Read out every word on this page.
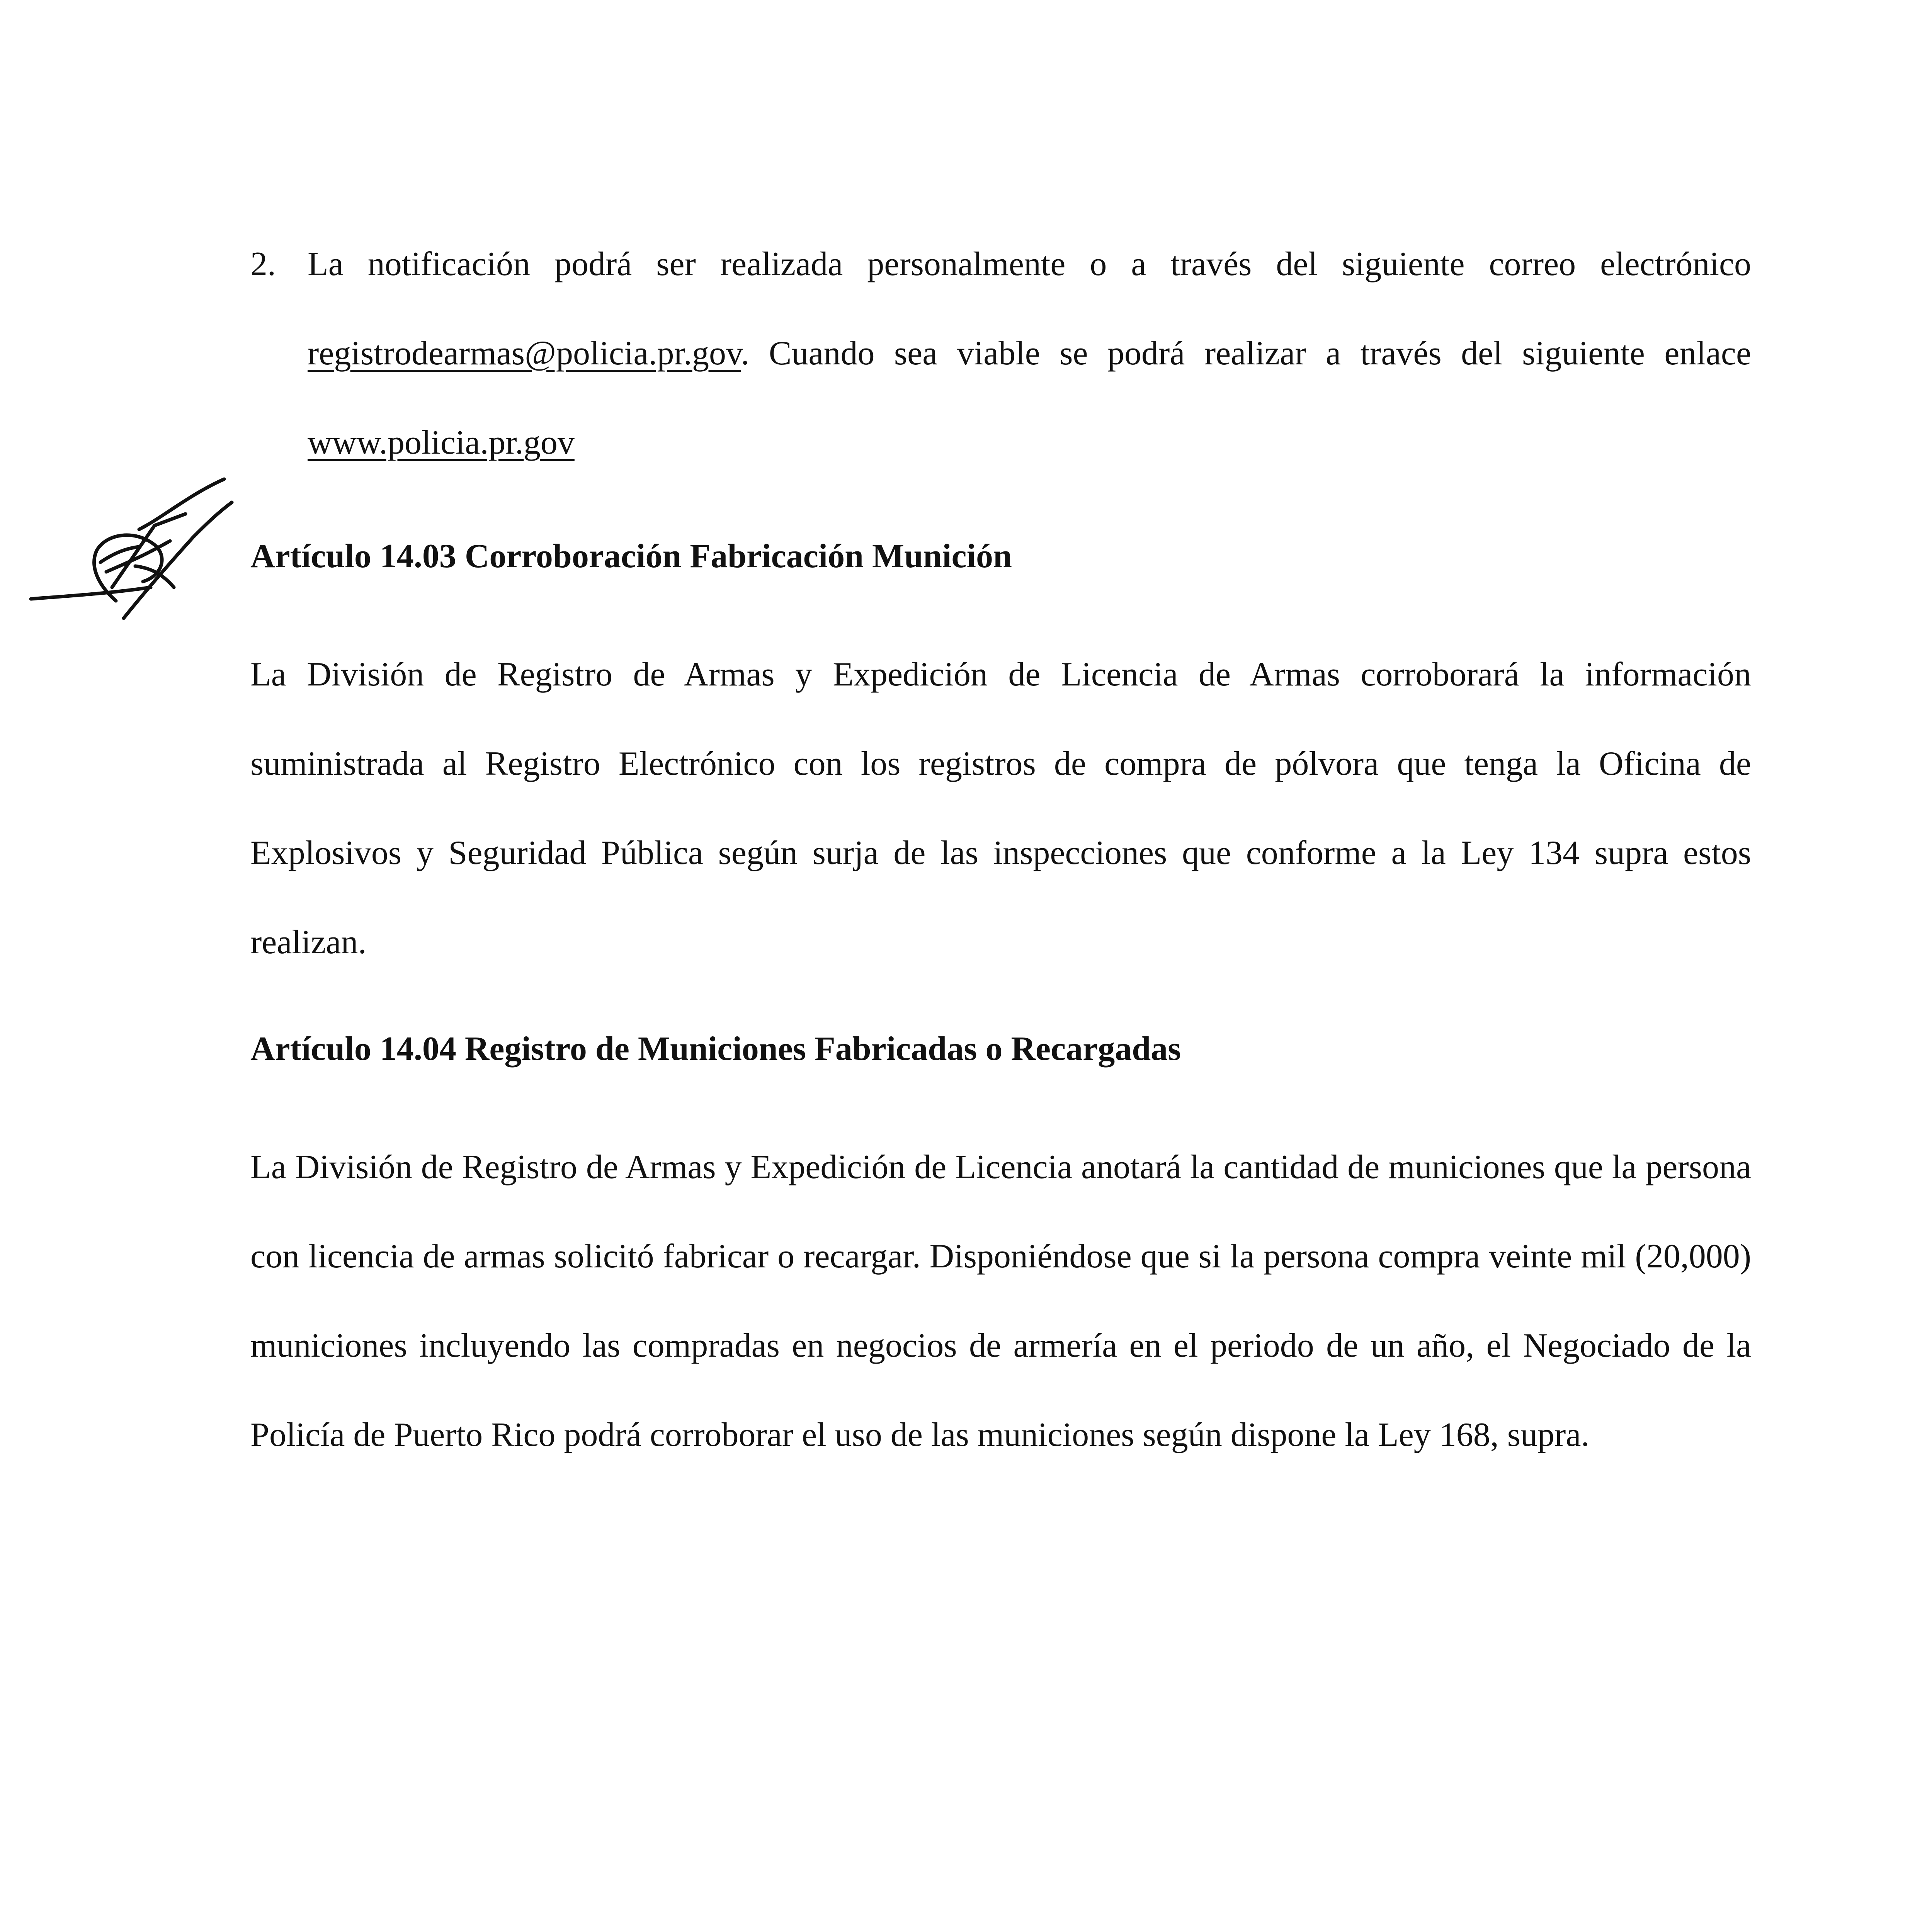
2. La notificación podrá ser realizada personalmente o a través del siguiente correo electrónico registrodearmas@policia.pr.gov. Cuando sea viable se podrá realizar a través del siguiente enlace www.policia.pr.gov
Artículo 14.03 Corroboración Fabricación Munición
La División de Registro de Armas y Expedición de Licencia de Armas corroborará la información suministrada al Registro Electrónico con los registros de compra de pólvora que tenga la Oficina de Explosivos y Seguridad Pública según surja de las inspecciones que conforme a la Ley 134 supra estos realizan.
Artículo 14.04 Registro de Municiones Fabricadas o Recargadas
La División de Registro de Armas y Expedición de Licencia anotará la cantidad de municiones que la persona con licencia de armas solicitó fabricar o recargar. Disponiéndose que si la persona compra veinte mil (20,000) municiones incluyendo las compradas en negocios de armería en el periodo de un año, el Negociado de la Policía de Puerto Rico podrá corroborar el uso de las municiones según dispone la Ley 168, supra.
